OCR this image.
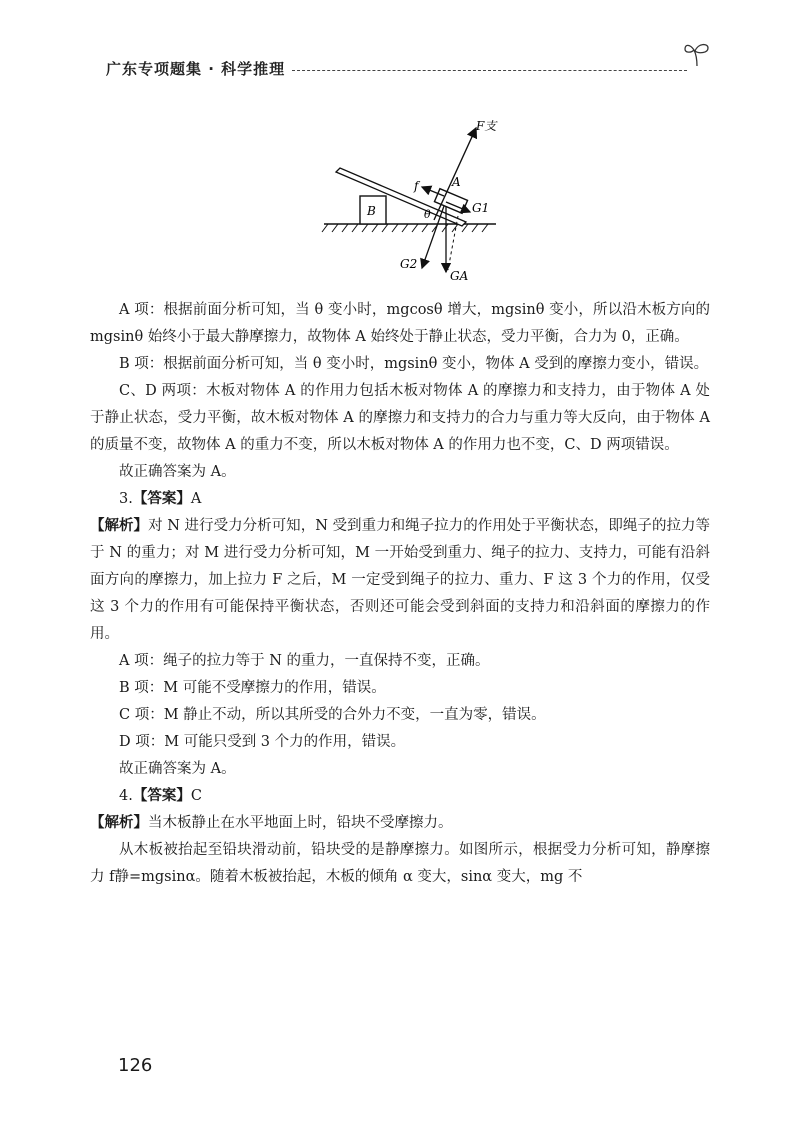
广东专项题集 · 科学推理
B
A
F支
f
G1
G2
GA
θ

A 项：根据前面分析可知，当 θ 变小时，mgcosθ 增大，mgsinθ 变小，所以沿木板方向的 mgsinθ 始终小于最大静摩擦力，故物体 A 始终处于静止状态，受力平衡，合力为 0，正确。

B 项：根据前面分析可知，当 θ 变小时，mgsinθ 变小，物体 A 受到的摩擦力变小，错误。

C、D 两项：木板对物体 A 的作用力包括木板对物体 A 的摩擦力和支持力，由于物体 A 处于静止状态，受力平衡，故木板对物体 A 的摩擦力和支持力的合力与重力等大反向，由于物体 A 的质量不变，故物体 A 的重力不变，所以木板对物体 A 的作用力也不变，C、D 两项错误。

故正确答案为 A。

3.【答案】A

【解析】对 N 进行受力分析可知，N 受到重力和绳子拉力的作用处于平衡状态，即绳子的拉力等于 N 的重力；对 M 进行受力分析可知，M 一开始受到重力、绳子的拉力、支持力，可能有沿斜面方向的摩擦力，加上拉力 F 之后，M 一定受到绳子的拉力、重力、F 这 3 个力的作用，仅受这 3 个力的作用有可能保持平衡状态，否则还可能会受到斜面的支持力和沿斜面的摩擦力的作用。

A 项：绳子的拉力等于 N 的重力，一直保持不变，正确。

B 项：M 可能不受摩擦力的作用，错误。

C 项：M 静止不动，所以其所受的合外力不变，一直为零，错误。

D 项：M 可能只受到 3 个力的作用，错误。

故正确答案为 A。

4.【答案】C

【解析】当木板静止在水平地面上时，铅块不受摩擦力。

从木板被抬起至铅块滑动前，铅块受的是静摩擦力。如图所示，根据受力分析可知，静摩擦力 f静=mgsinα。随着木板被抬起，木板的倾角 α 变大，sinα 变大，mg 不

126
